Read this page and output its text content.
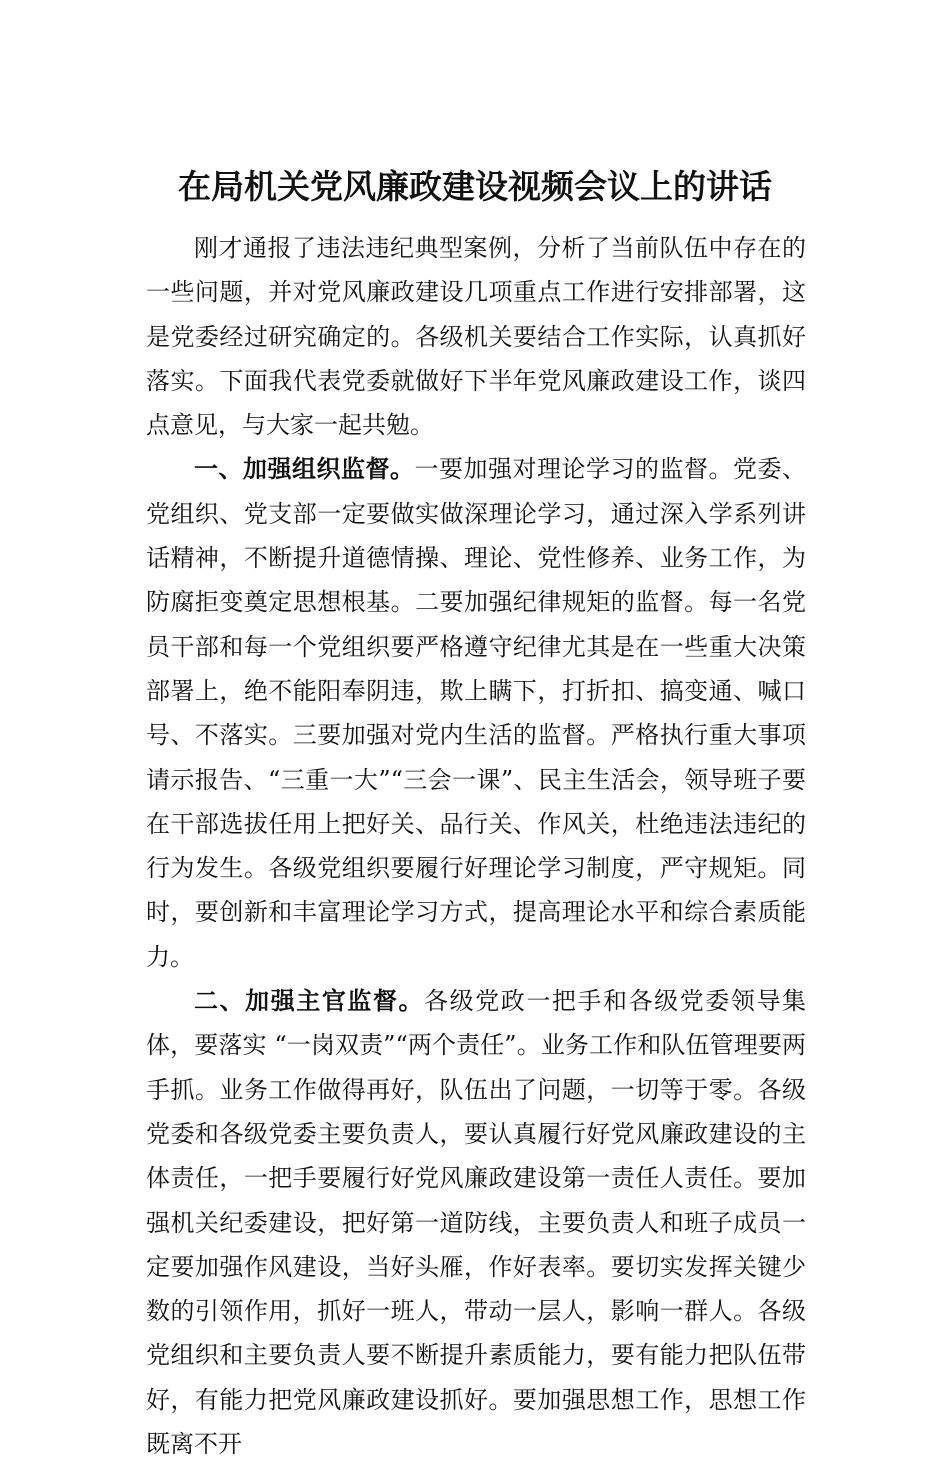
在局机关党风廉政建设视频会议上的讲话

刚才通报了违法违纪典型案例，分析了当前队伍中存在的一些问题，并对党风廉政建设几项重点工作进行安排部署，这是党委经过研究确定的。各级机关要结合工作实际，认真抓好落实。下面我代表党委就做好下半年党风廉政建设工作，谈四点意见，与大家一起共勉。

一、加强组织监督。一要加强对理论学习的监督。党委、党组织、党支部一定要做实做深理论学习，通过深入学系列讲话精神，不断提升道德情操、理论、党性修养、业务工作，为防腐拒变奠定思想根基。二要加强纪律规矩的监督。每一名党员干部和每一个党组织要严格遵守纪律尤其是在一些重大决策部署上，绝不能阳奉阴违，欺上瞒下，打折扣、搞变通、喊口号、不落实。三要加强对党内生活的监督。严格执行重大事项请示报告、“三重一大”“三会一课”、民主生活会，领导班子要在干部选拔任用上把好关、品行关、作风关，杜绝违法违纪的行为发生。各级党组织要履行好理论学习制度，严守规矩。同时，要创新和丰富理论学习方式，提高理论水平和综合素质能力。

二、加强主官监督。各级党政一把手和各级党委领导集体，要落实 “一岗双责”“两个责任”。业务工作和队伍管理要两手抓。业务工作做得再好，队伍出了问题，一切等于零。各级党委和各级党委主要负责人，要认真履行好党风廉政建设的主体责任，一把手要履行好党风廉政建设第一责任人责任。要加强机关纪委建设，把好第一道防线，主要负责人和班子成员一定要加强作风建设，当好头雁，作好表率。要切实发挥关键少数的引领作用，抓好一班人，带动一层人，影响一群人。各级党组织和主要负责人要不断提升素质能力，要有能力把队伍带好，有能力把党风廉政建设抓好。要加强思想工作，思想工作既离不开
